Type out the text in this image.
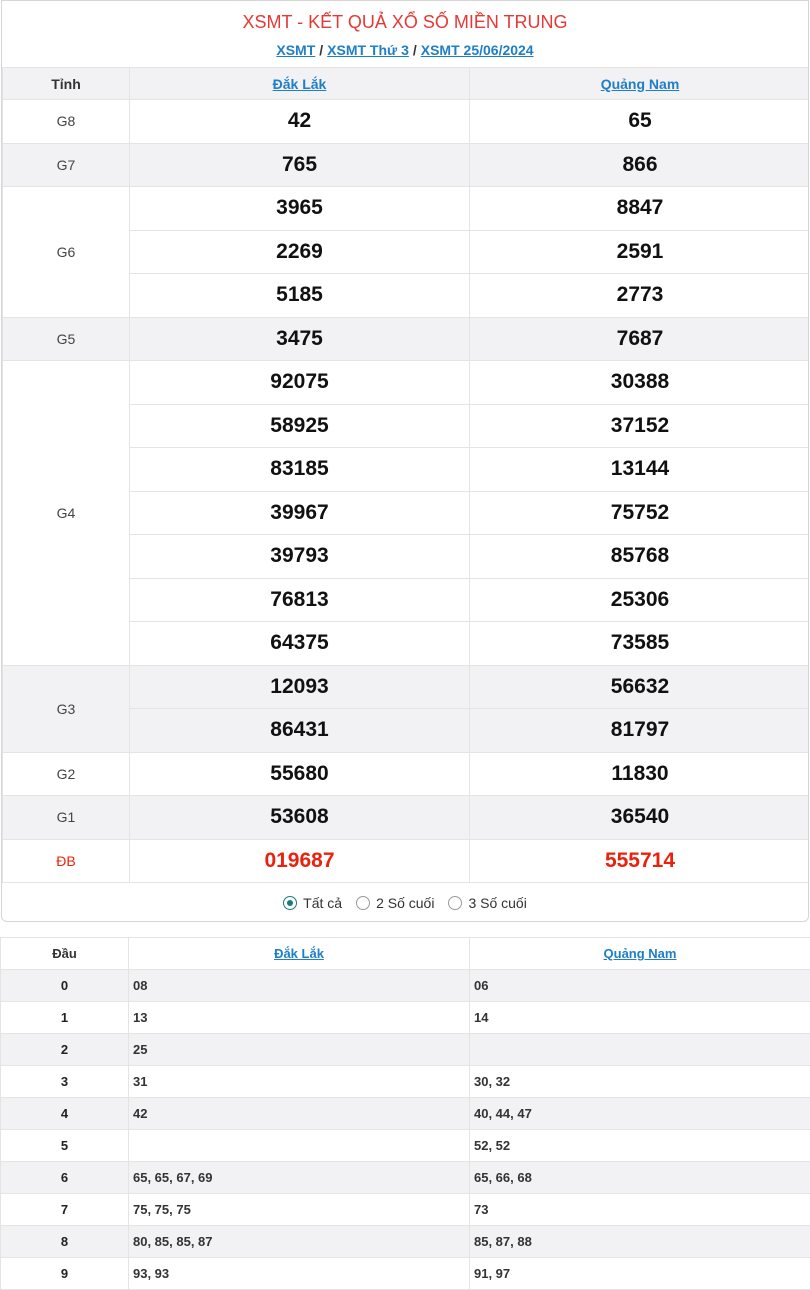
XSMT - KẾT QUẢ XỔ SỐ MIỀN TRUNG
XSMT / XSMT Thứ 3 / XSMT 25/06/2024
Tỉnh	Đắk Lắk	Quảng Nam
G8	42	65
G7	765	866
G6	3965	8847
	2269	2591
	5185	2773
G5	3475	7687
G4	92075	30388
	58925	37152
	83185	13144
	39967	75752
	39793	85768
	76813	25306
	64375	73585
G3	12093	56632
	86431	81797
G2	55680	11830
G1	53608	36540
ĐB	019687	555714
Tất cả 2 Số cuối 3 Số cuối
Đầu	Đắk Lắk	Quảng Nam
0	08	06
1	13	14
2	25	
3	31	30, 32
4	42	40, 44, 47
5		52, 52
6	65, 65, 67, 69	65, 66, 68
7	75, 75, 75	73
8	80, 85, 85, 87	85, 87, 88
9	93, 93	91, 97
